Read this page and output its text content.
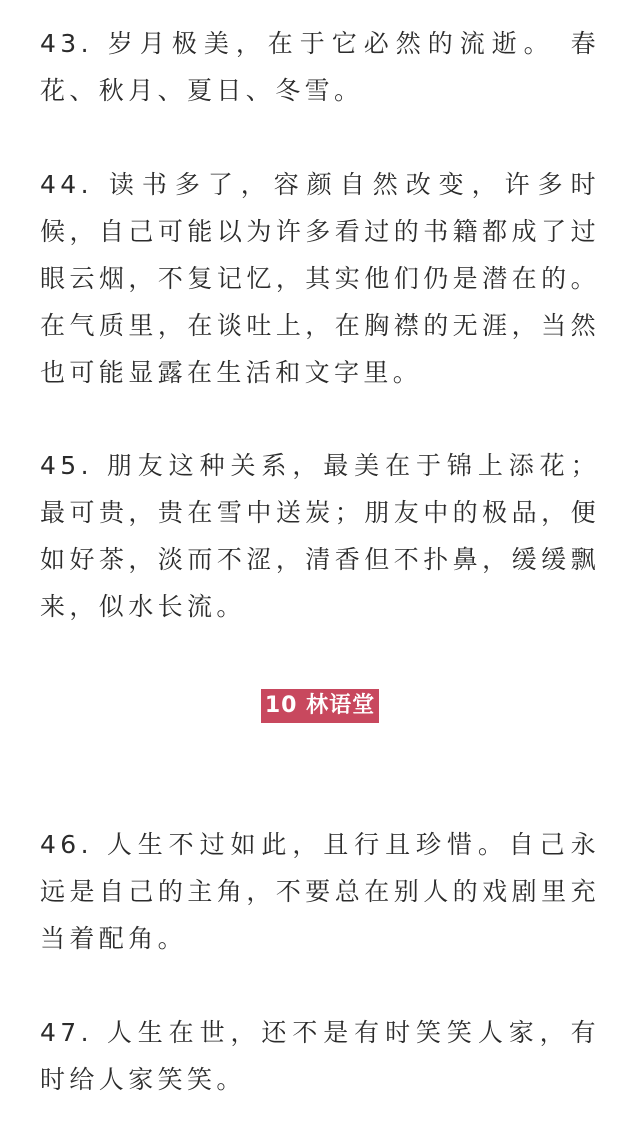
43. 岁月极美，在于它必然的流逝。 春花、秋月、夏日、冬雪。

44. 读书多了，容颜自然改变，许多时候，自己可能以为许多看过的书籍都成了过眼云烟，不复记忆，其实他们仍是潜在的。在气质里，在谈吐上，在胸襟的无涯，当然也可能显露在生活和文字里。

45. 朋友这种关系，最美在于锦上添花；最可贵，贵在雪中送炭；朋友中的极品，便如好茶，淡而不涩，清香但不扑鼻，缓缓飘来，似水长流。

10 林语堂

46. 人生不过如此，且行且珍惜。自己永远是自己的主角，不要总在别人的戏剧里充当着配角。

47. 人生在世，还不是有时笑笑人家，有时给人家笑笑。
